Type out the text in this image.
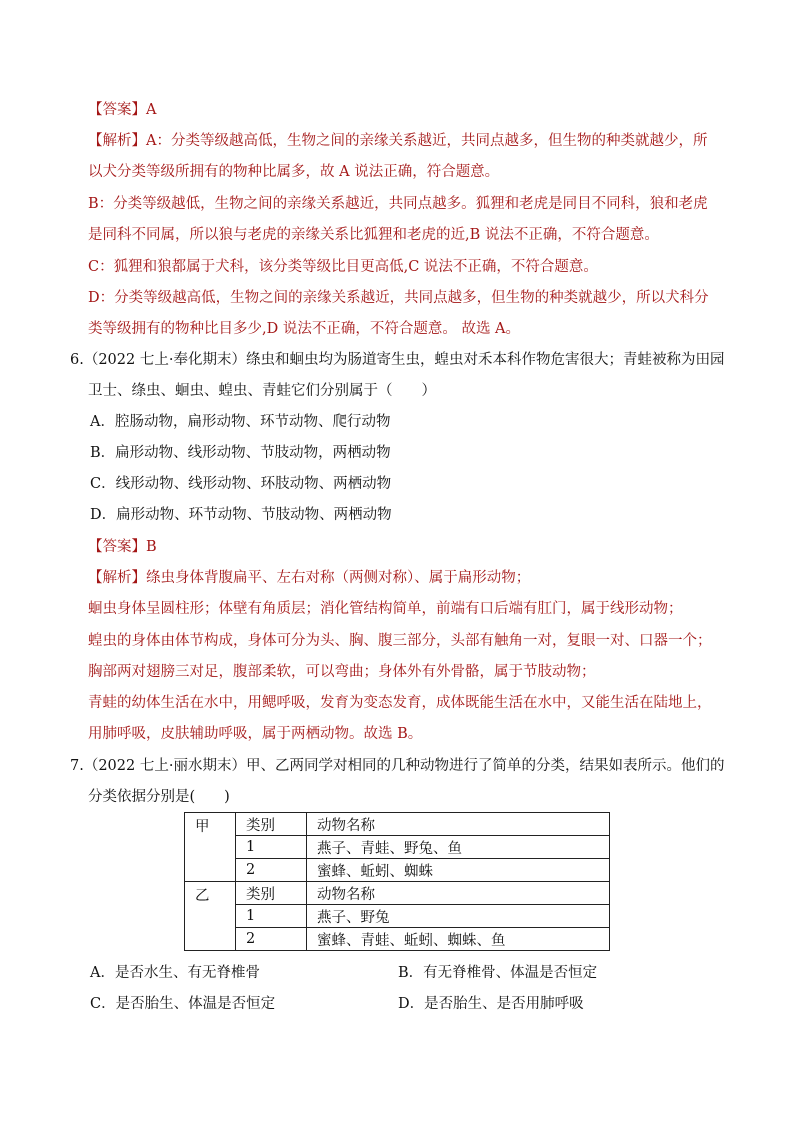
【答案】A
【解析】A：分类等级越高低，生物之间的亲缘关系越近，共同点越多，但生物的种类就越少，所
以犬分类等级所拥有的物种比属多，故 A 说法正确，符合题意。
B：分类等级越低，生物之间的亲缘关系越近，共同点越多。狐狸和老虎是同目不同科，狼和老虎
是同科不同属，所以狼与老虎的亲缘关系比狐狸和老虎的近,B 说法不正确，不符合题意。
C：狐狸和狼都属于犬科，该分类等级比目更高低,C 说法不正确，不符合题意。
D：分类等级越高低，生物之间的亲缘关系越近，共同点越多，但生物的种类就越少，所以犬科分
类等级拥有的物种比目多少,D 说法不正确，不符合题意。 故选 A。
6.（2022 七上·奉化期末）绦虫和蛔虫均为肠道寄生虫，蝗虫对禾本科作物危害很大；青蛙被称为田园
卫士、绦虫、蛔虫、蝗虫、青蛙它们分别属于（　　）
A．腔肠动物，扁形动物、环节动物、爬行动物
B．扁形动物、线形动物、节肢动物，两栖动物
C．线形动物、线形动物、环肢动物、两栖动物
D．扁形动物、环节动物、节肢动物、两栖动物
【答案】B
【解析】绦虫身体背腹扁平、左右对称（两侧对称）、属于扁形动物；
蛔虫身体呈圆柱形；体壁有角质层；消化管结构简单，前端有口后端有肛门，属于线形动物；
蝗虫的身体由体节构成，身体可分为头、胸、腹三部分，头部有触角一对，复眼一对、口器一个；
胸部两对翅膀三对足，腹部柔软，可以弯曲；身体外有外骨骼，属于节肢动物；
青蛙的幼体生活在水中，用鳃呼吸，发育为变态发育，成体既能生活在水中，又能生活在陆地上，
用肺呼吸，皮肤辅助呼吸，属于两栖动物。故选 B。
7.（2022 七上·丽水期末）甲、乙两同学对相同的几种动物进行了简单的分类，结果如表所示。他们的
分类依据分别是(　　)
甲	类别	动物名称
	1	燕子、青蛙、野兔、鱼
	2	蜜蜂、蚯蚓、蜘蛛
乙	类别	动物名称
	1	燕子、野兔
	2	蜜蜂、青蛙、蚯蚓、蜘蛛、鱼
A．是否水生、有无脊椎骨	B．有无脊椎骨、体温是否恒定
C．是否胎生、体温是否恒定	D．是否胎生、是否用肺呼吸
